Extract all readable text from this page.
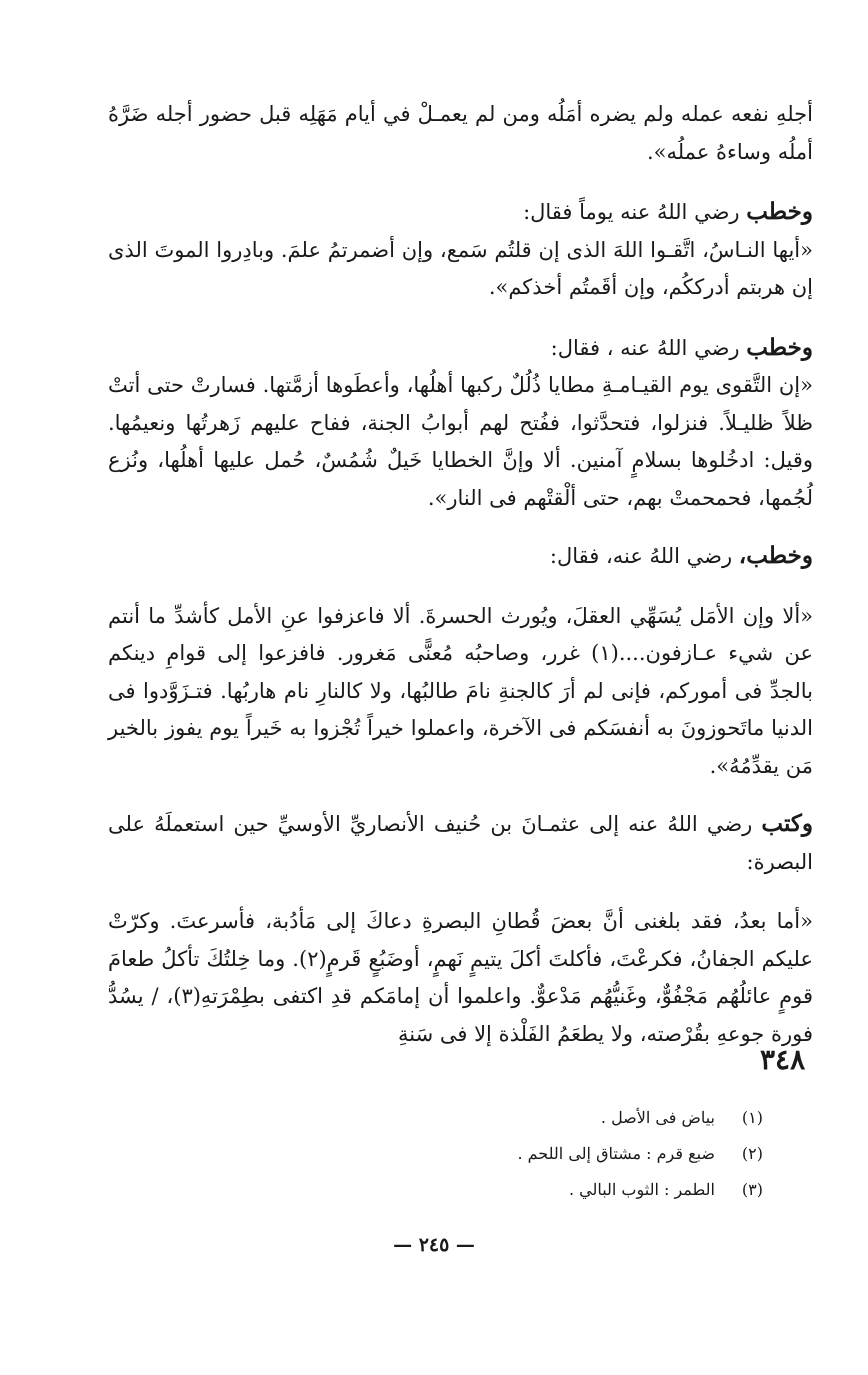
أجلهِ نفعه عمله ولم يضره أمَلُه ومن لم يعمـلْ في أيام مَهَلِه قبل حضور أجله ضَرَّهُ أملُه وساءهُ عملُه».

وخطب رضي اللهُ عنه يوماً فقال:

«أيها النـاسُ، اتَّقـوا اللهَ الذى إن قلتُم سَمع، وإن أضمرتمُ علمَ. وبادِروا الموتَ الذى إن هربتم أدرككُم، وإن أقَمتُم أخذكم».

وخطب رضي اللهُ عنه ، فقال:

«إن التَّقوى يوم القيـامـةِ مطايا ذُلُلٌ ركبها أهلُها، وأعطَوها أزمَّتها. فسارتْ حتى أتتْ ظلاً ظليـلاً. فنزلوا، فتحدَّثوا، ففُتح لهم أبوابُ الجنة، ففاح عليهم زَهرتُها ونعيمُها. وقيل: ادخُلوها بسلامٍ آمنين. ألا وإنَّ الخطايا خَيلٌ شُمُسٌ، حُمل عليها أهلُها، ونُزع لُجُمها، فحمحمتْ بهم، حتى ألْقتْهم فى النار».

وخطب، رضي اللهُ عنه، فقال:

«ألا وإن الأمَل يُسَهِّي العقلَ، ويُورث الحسرةَ. ألا فاعزفوا عنِ الأمل كأشدِّ ما أنتم عن شيء عـازفون....(١) غرر، وصاحبُه مُعنًّى مَغرور. فافزعوا إلى قوامِ دينكم بالجدِّ فى أموركم، فإنى لم أرَ كالجنةِ نامَ طالبُها، ولا كالنارِ نام هاربُها. فتـزَوَّدوا فى الدنيا ماتَحوزونَ به أنفسَكم فى الآخرة، واعملوا خيراً تُجْزوا به خَيراً يوم يفوز بالخير مَن يقدِّمُهُ».

وكتب رضي اللهُ عنه إلى عثمـانَ بن حُنيف الأنصاريِّ الأوسيِّ حين استعملَهُ على البصرة:

«أما بعدُ، فقد بلغنى أنَّ بعضَ قُطانِ البصرةِ دعاكَ إلى مَأدُبة، فأسرعتَ. وكرّتْ عليكم الجفانُ، فكرعْتَ، فأكلتَ أكلَ يتيمٍ نَهمٍ، أوضَبُعٍ قَرمٍ(٢). وما خِلتُكَ تأكلُ طعامَ قومٍ عائلُهُم مَجْفُوٌّ، وغَنيُّهُم مَدْعوٌّ. واعلموا أن إمامَكم قدِ اكتفى بطِمْرَتهِ(٣)، / يسُدُّ فورة جوعهِ بقُرْصته، ولا يطعَمُ الفَلْذة إلا فى سَنةِ

٣٤٨
(١)
بياض فى الأصل .
(٢)
ضبع قرم : مشتاق إلى اللحم .
(٣)
الطمر : الثوب البالي .
— ٢٤٥ —
